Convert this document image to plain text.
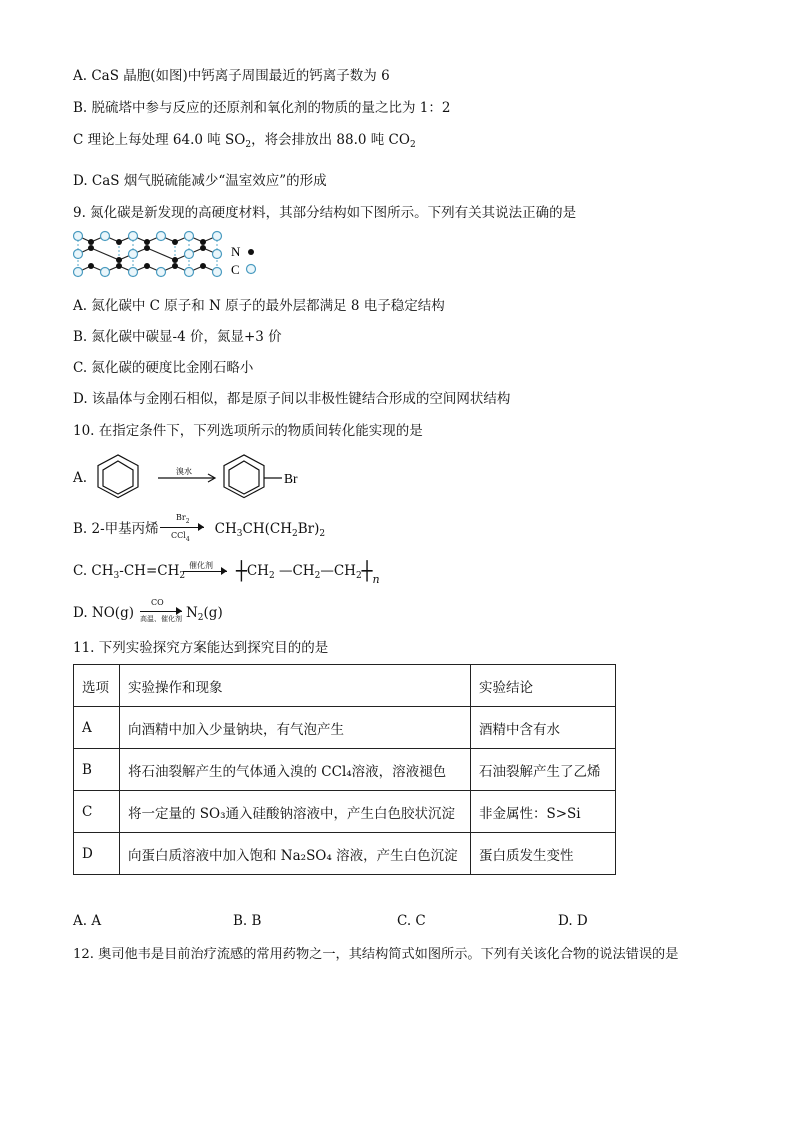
A. CaS 晶胞(如图)中钙离子周围最近的钙离子数为 6
B. 脱硫塔中参与反应的还原剂和氧化剂的物质的量之比为 1：2
C 理论上每处理 64.0 吨 $SO_2$，将会排放出 88.0 吨 $CO_2$
D. CaS 烟气脱硫能减少“温室效应”的形成
9. 氮化碳是新发现的高硬度材料，其部分结构如下图所示。下列有关其说法正确的是
N
C
A. 氮化碳中 C 原子和 N 原子的最外层都满足 8 电子稳定结构
B. 氮化碳中碳显-4 价，氮显+3 价
C. 氮化碳的硬度比金刚石略小
D. 该晶体与金刚石相似，都是原子间以非极性键结合形成的空间网状结构
10. 在指定条件下，下列选项所示的物质间转化能实现的是
A.	溴水	Br
B. 2-甲基丙烯	$CH_3CH(CH_2Br)_2$
$Br_2$
CCl$_4$
C. $CH_3-CH=CH_2$
催化剂 $┼CH_2$ $—CH_2—CH_2┼_n$
D. NO(g)	$N_2(g)$
CO
高温、催化剂
11. 下列实验探究方案能达到探究目的的是
选项	实验操作和现象	实验结论
A	向酒精中加入少量钠块，有气泡产生	酒精中含有水
B	将石油裂解产生的气体通入溴的 CCl₄溶液，溶液褪色	石油裂解产生了乙烯
C	将一定量的 SO₃通入硅酸钠溶液中，产生白色胶状沉淀	非金属性：S>Si
D	向蛋白质溶液中加入饱和 Na₂SO₄ 溶液，产生白色沉淀	蛋白质发生变性
A. A	B. B	C. C	D. D
12. 奥司他韦是目前治疗流感的常用药物之一，其结构简式如图所示。下列有关该化合物的说法错误的是
